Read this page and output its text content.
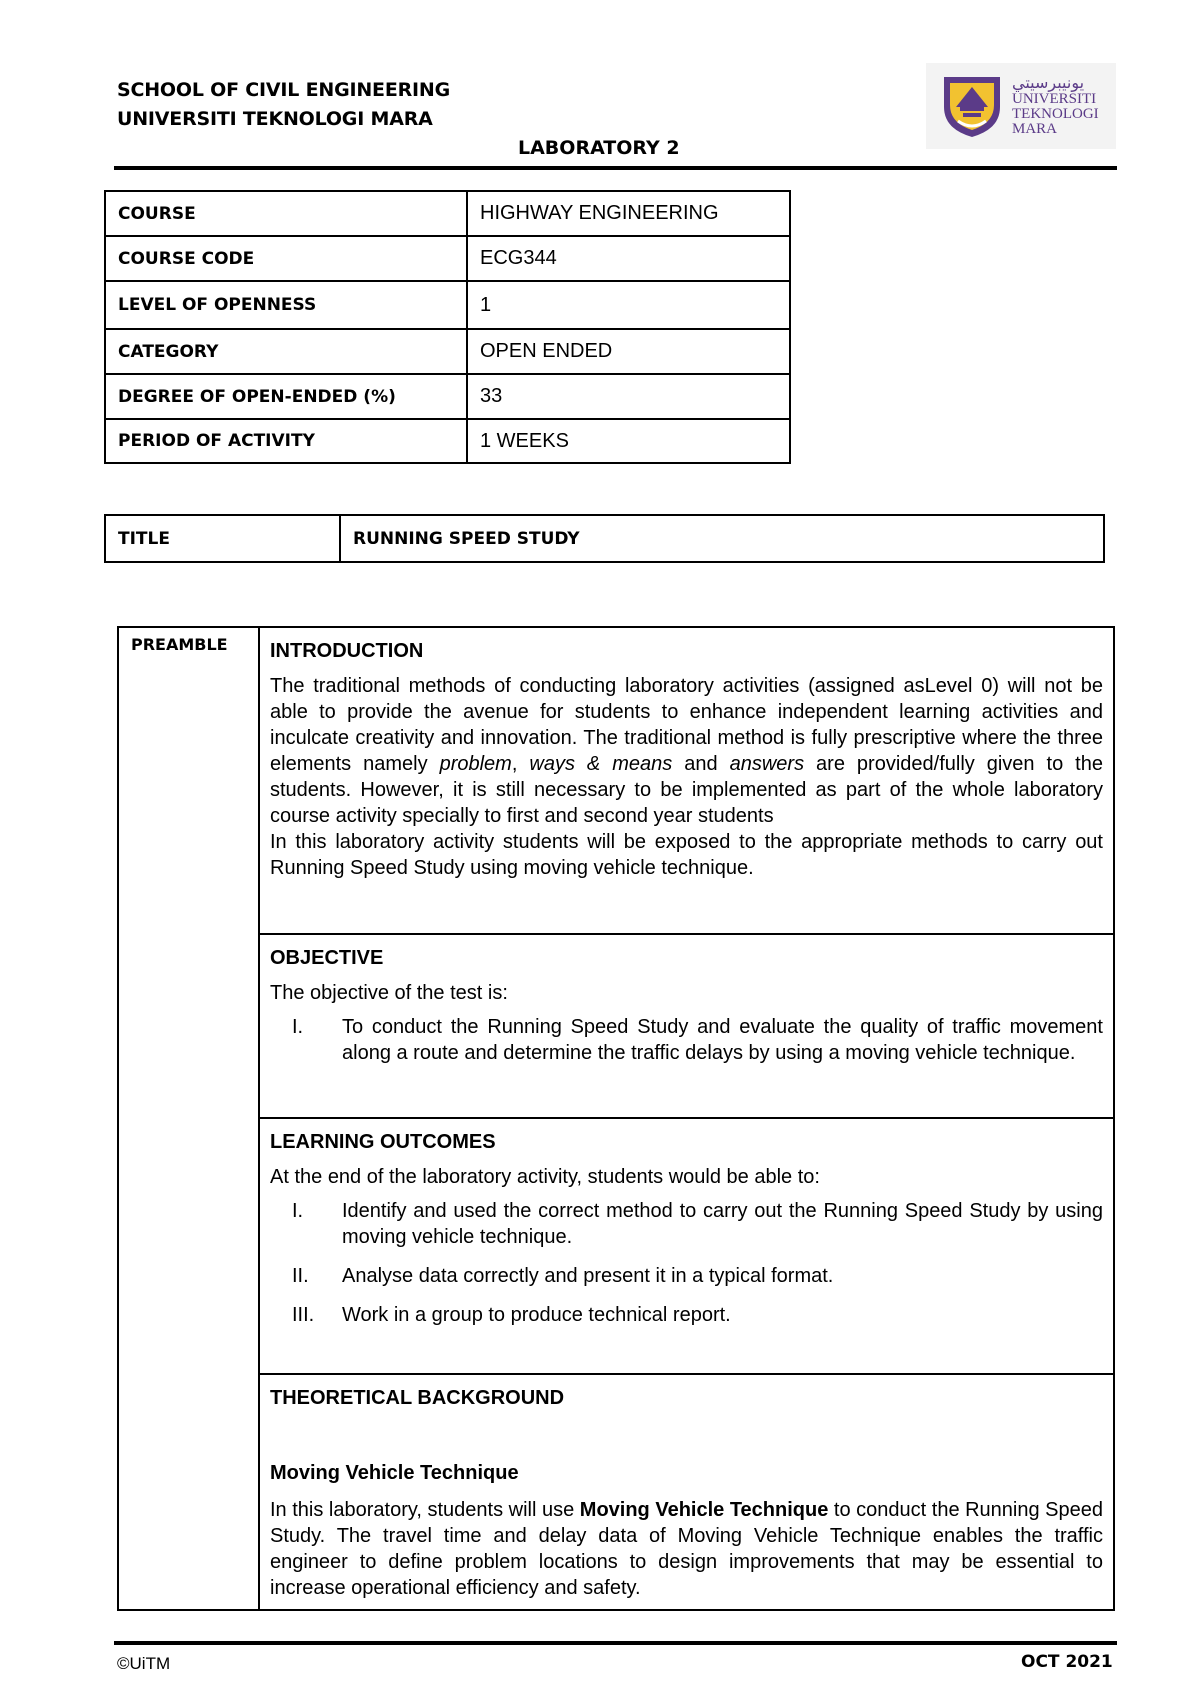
SCHOOL OF CIVIL ENGINEERING
UNIVERSITI TEKNOLOGI MARA
ﯾﻮﻧﯿﺒﺮﺳﯿﺘﻲ
UNIVERSITI
TEKNOLOGI
MARA
LABORATORY 2
COURSE	HIGHWAY ENGINEERING
COURSE CODE	ECG344
LEVEL OF OPENNESS	1
CATEGORY	OPEN ENDED
DEGREE OF OPEN-ENDED (%)	33
PERIOD OF ACTIVITY	1 WEEKS
TITLE	RUNNING SPEED STUDY
PREAMBLE INTRODUCTION

The traditional methods of conducting laboratory activities (assigned asLevel 0) will not be able to provide the avenue for students to enhance independent learning activities and inculcate creativity and innovation. The traditional method is fully prescriptive where the three elements namely problem, ways & means and answers are provided/fully given to the students. However, it is still necessary to be implemented as part of the whole laboratory course activity specially to first and second year students

In this laboratory activity students will be exposed to the appropriate methods to carry out Running Speed Study using moving vehicle technique.

OBJECTIVE

The objective of the test is:

I. To conduct the Running Speed Study and evaluate the quality of traffic movement along a route and determine the traffic delays by using a moving vehicle technique.
LEARNING OUTCOMES

At the end of the laboratory activity, students would be able to:

I. Identify and used the correct method to carry out the Running Speed Study by using moving vehicle technique.
II. Analyse data correctly and present it in a typical format.
III. Work in a group to produce technical report.
THEORETICAL BACKGROUND
Moving Vehicle Technique

In this laboratory, students will use Moving Vehicle Technique to conduct the Running Speed Study. The travel time and delay data of Moving Vehicle Technique enables the traffic engineer to define problem locations to design improvements that may be essential to increase operational efficiency and safety.

©UiTM	OCT 2021
